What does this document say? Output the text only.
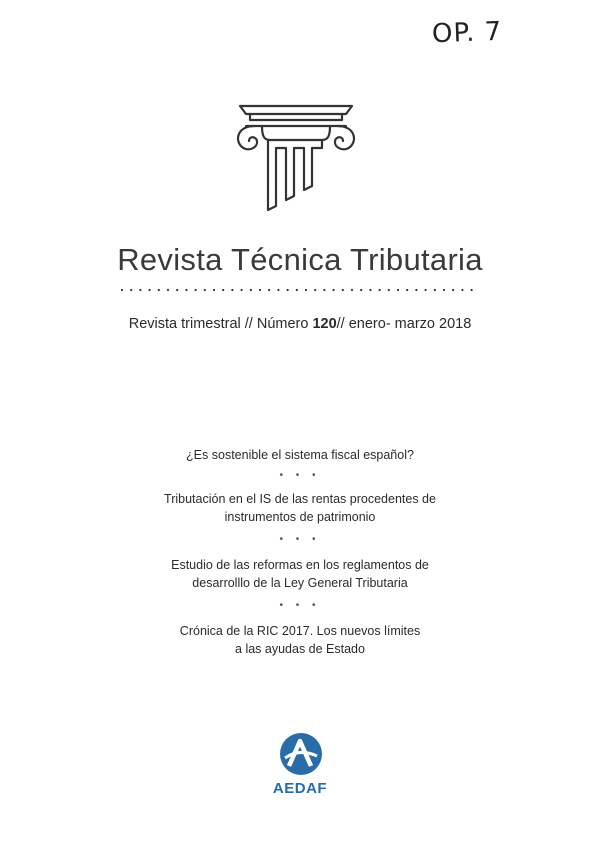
OP. 7
Revista Técnica Tributaria
Revista trimestral // Número 120// enero- marzo 2018
¿Es sostenible el sistema fiscal español?
• • •
Tributación en el IS de las rentas procedentes de
instrumentos de patrimonio
• • •
Estudio de las reformas en los reglamentos de
desarrolllo de la Ley General Tributaria
• • •
Crónica de la RIC 2017. Los nuevos límites
a las ayudas de Estado
AEDAF
